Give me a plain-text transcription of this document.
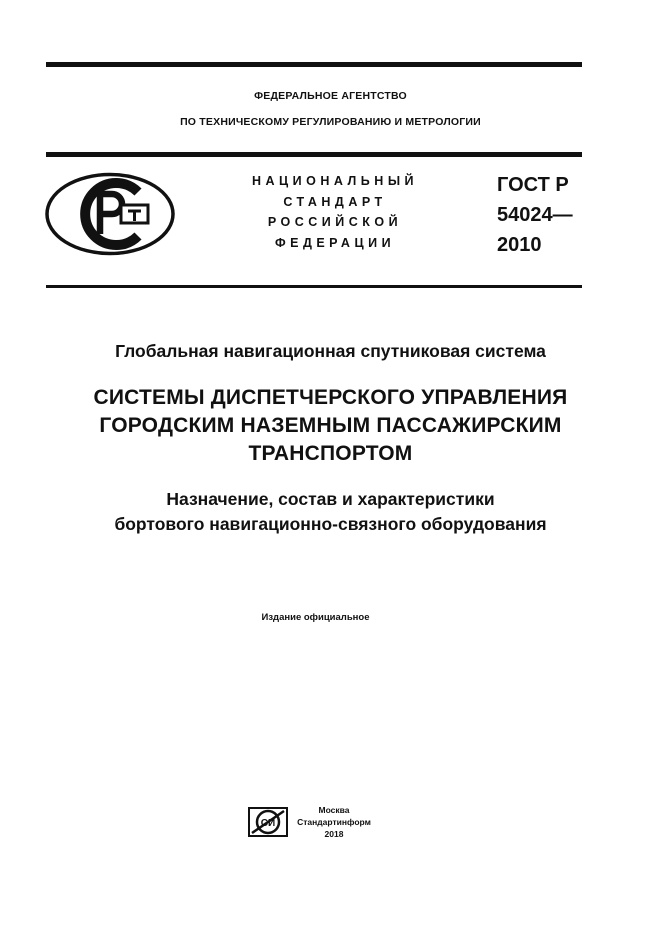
ФЕДЕРАЛЬНОЕ АГЕНТСТВО
ПО ТЕХНИЧЕСКОМУ РЕГУЛИРОВАНИЮ И МЕТРОЛОГИИ
НАЦИОНАЛЬНЫЙ
СТАНДАРТ
РОССИЙСКОЙ
ФЕДЕРАЦИИ
ГОСТ Р
54024—
2010
Глобальная навигационная спутниковая система
СИСТЕМЫ ДИСПЕТЧЕРСКОГО УПРАВЛЕНИЯ
ГОРОДСКИМ НАЗЕМНЫМ ПАССАЖИРСКИМ
ТРАНСПОРТОМ
Назначение, состав и характеристики
бортового навигационно-связного оборудования
Издание официальное
СИ
Москва
Стандартинформ
2018
